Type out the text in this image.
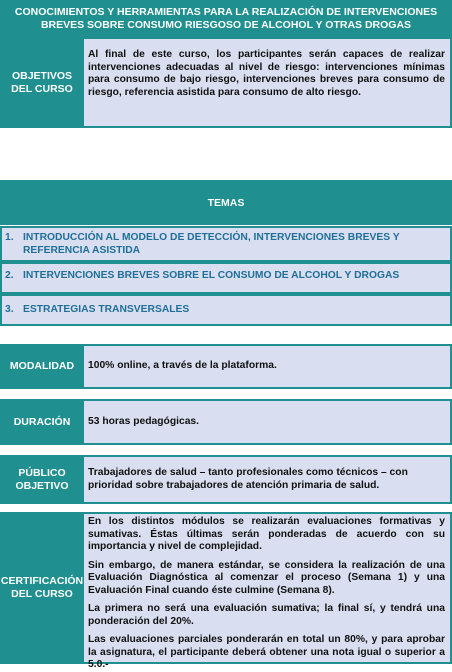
CONOCIMIENTOS Y HERRAMIENTAS PARA LA REALIZACIÓN DE INTERVENCIONES BREVES SOBRE CONSUMO RIESGOSO DE ALCOHOL Y OTRAS DROGAS
OBJETIVOS DEL CURSO
Al final de este curso, los participantes serán capaces de realizar intervenciones adecuadas al nivel de riesgo: intervenciones mínimas para consumo de bajo riesgo, intervenciones breves para consumo de riesgo, referencia asistida para consumo de alto riesgo.
TEMAS
1. INTRODUCCIÓN AL MODELO DE DETECCIÓN, INTERVENCIONES BREVES Y REFERENCIA ASISTIDA
2. INTERVENCIONES BREVES SOBRE EL CONSUMO DE ALCOHOL Y DROGAS
3. ESTRATEGIAS TRANSVERSALES
MODALIDAD	100% online, a través de la plataforma.
DURACIÓN	53 horas pedagógicas.
PÚBLICO OBJETIVO
Trabajadores de salud – tanto profesionales como técnicos – con prioridad sobre trabajadores de atención primaria de salud.
CERTIFICACIÓN DEL CURSO

En los distintos módulos se realizarán evaluaciones formativas y sumativas. Éstas últimas serán ponderadas de acuerdo con su importancia y nivel de complejidad.

Sin embargo, de manera estándar, se considera la realización de una Evaluación Diagnóstica al comenzar el proceso (Semana 1) y una Evaluación Final cuando éste culmine (Semana 8).

La primera no será una evaluación sumativa; la final sí, y tendrá una ponderación del 20%.

Las evaluaciones parciales ponderarán en total un 80%, y para aprobar la asignatura, el participante deberá obtener una nota igual o superior a 5.0.-
